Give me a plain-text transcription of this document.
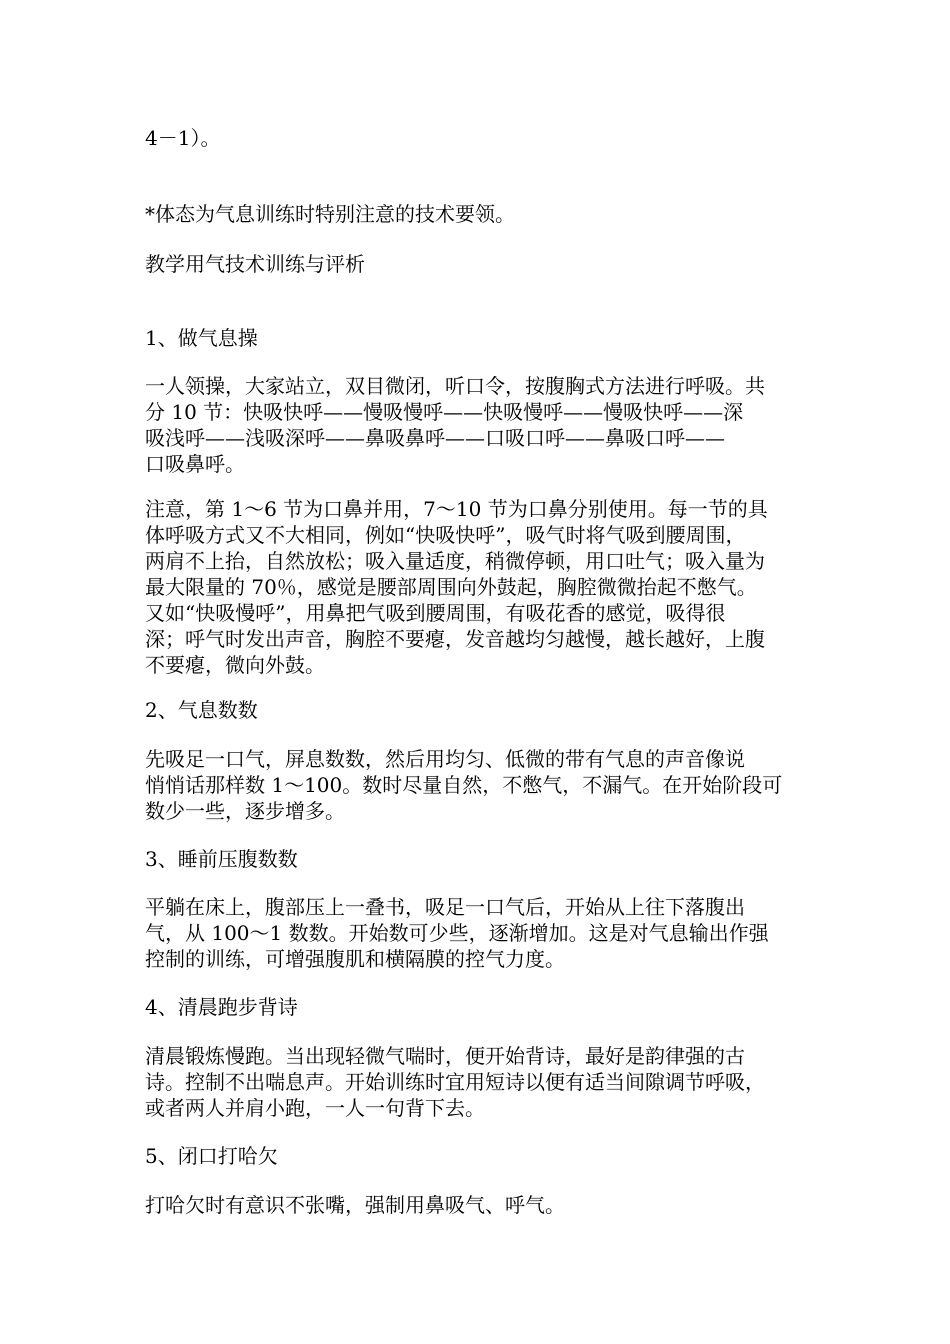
4－1）。
*体态为气息训练时特别注意的技术要领。
教学用气技术训练与评析
1、做气息操
一人领操，大家站立，双目微闭，听口令，按腹胸式方法进行呼吸。共
分 10 节：快吸快呼——慢吸慢呼——快吸慢呼——慢吸快呼——深
吸浅呼——浅吸深呼——鼻吸鼻呼——口吸口呼——鼻吸口呼——
口吸鼻呼。
注意，第 1～6 节为口鼻并用，7～10 节为口鼻分别使用。每一节的具
体呼吸方式又不大相同，例如“快吸快呼”，吸气时将气吸到腰周围，
两肩不上抬，自然放松；吸入量适度，稍微停顿，用口吐气；吸入量为
最大限量的 70％，感觉是腰部周围向外鼓起，胸腔微微抬起不憋气。
又如“快吸慢呼”，用鼻把气吸到腰周围，有吸花香的感觉，吸得很
深；呼气时发出声音，胸腔不要瘪，发音越均匀越慢，越长越好，上腹
不要瘪，微向外鼓。
2、气息数数
先吸足一口气，屏息数数，然后用均匀、低微的带有气息的声音像说
悄悄话那样数 1～100。数时尽量自然，不憋气，不漏气。在开始阶段可
数少一些，逐步增多。
3、睡前压腹数数
平躺在床上，腹部压上一叠书，吸足一口气后，开始从上往下落腹出
气，从 100～1 数数。开始数可少些，逐渐增加。这是对气息输出作强
控制的训练，可增强腹肌和横隔膜的控气力度。
4、清晨跑步背诗
清晨锻炼慢跑。当出现轻微气喘时，便开始背诗，最好是韵律强的古
诗。控制不出喘息声。开始训练时宜用短诗以便有适当间隙调节呼吸，
或者两人并肩小跑，一人一句背下去。
5、闭口打哈欠
打哈欠时有意识不张嘴，强制用鼻吸气、呼气。
